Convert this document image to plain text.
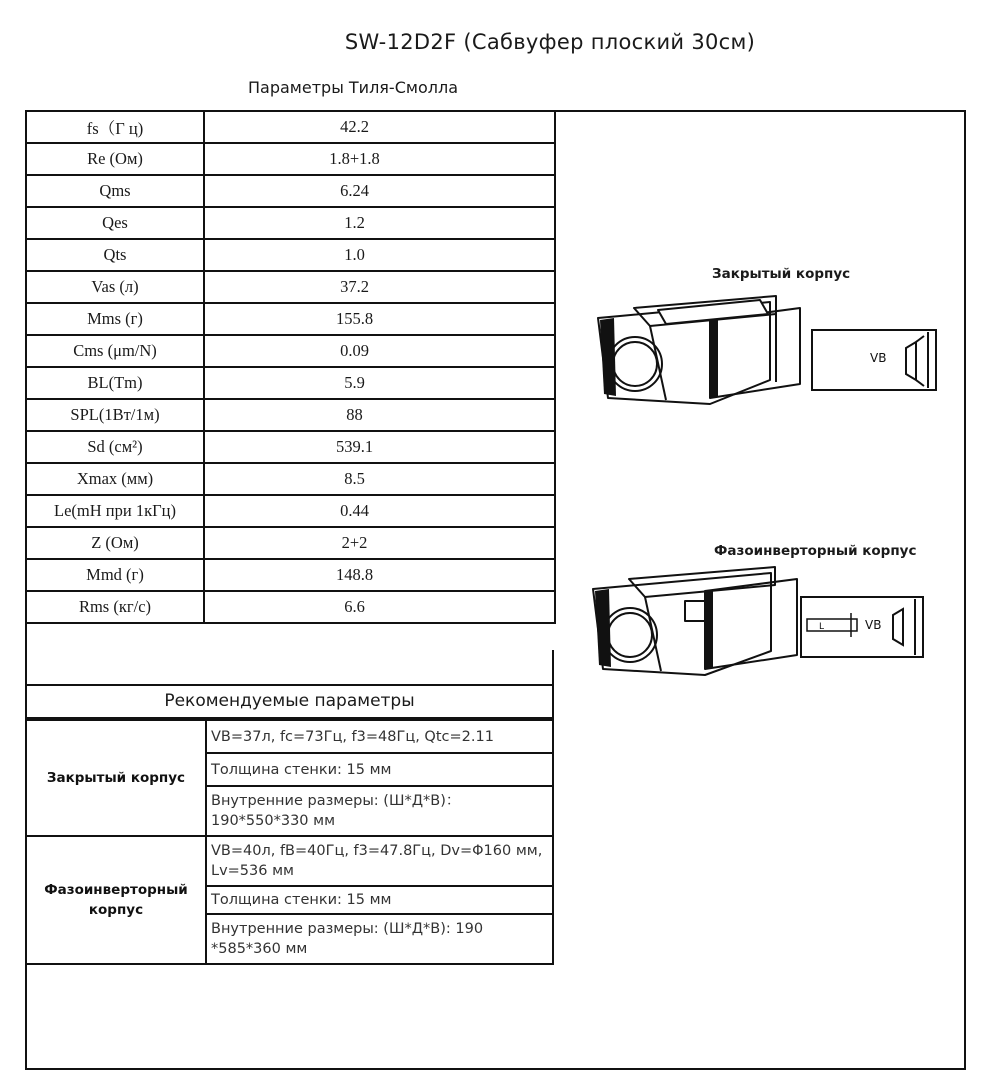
SW-12D2F (Сабвуфер плоский 30см)
Параметры Тиля-Смолла
fs（Г ц)	42.2
Re (Ом)	1.8+1.8
Qms	6.24
Qes	1.2
Qts	1.0
Vas (л)	37.2
Mms (г)	155.8
Cms (μm/N)	0.09
BL(Tm)	5.9
SPL(1Вт/1м)	88
Sd (см²)	539.1
Xmax (мм)	8.5
Le(mH при 1кГц)	0.44
Z (Ом)	2+2
Mmd (г)	148.8
Rms (кг/с)	6.6
Рекомендуемые параметры
Закрытый корпус	VB=37л, fc=73Гц, f3=48Гц, Qtc=2.11
	Толщина стенки: 15 мм
	Внутренние размеры: (Ш*Д*В)：190*550*330 мм
Фазоинверторный корпус	VB=40л, fB=40Гц, f3=47.8Гц, Dv=Φ160 мм, Lv=536 мм
	Толщина стенки: 15 мм
	Внутренние размеры: (Ш*Д*В): 190 *585*360 мм
Закрытый корпус
Фазоинверторный корпус
VB
L	VB
